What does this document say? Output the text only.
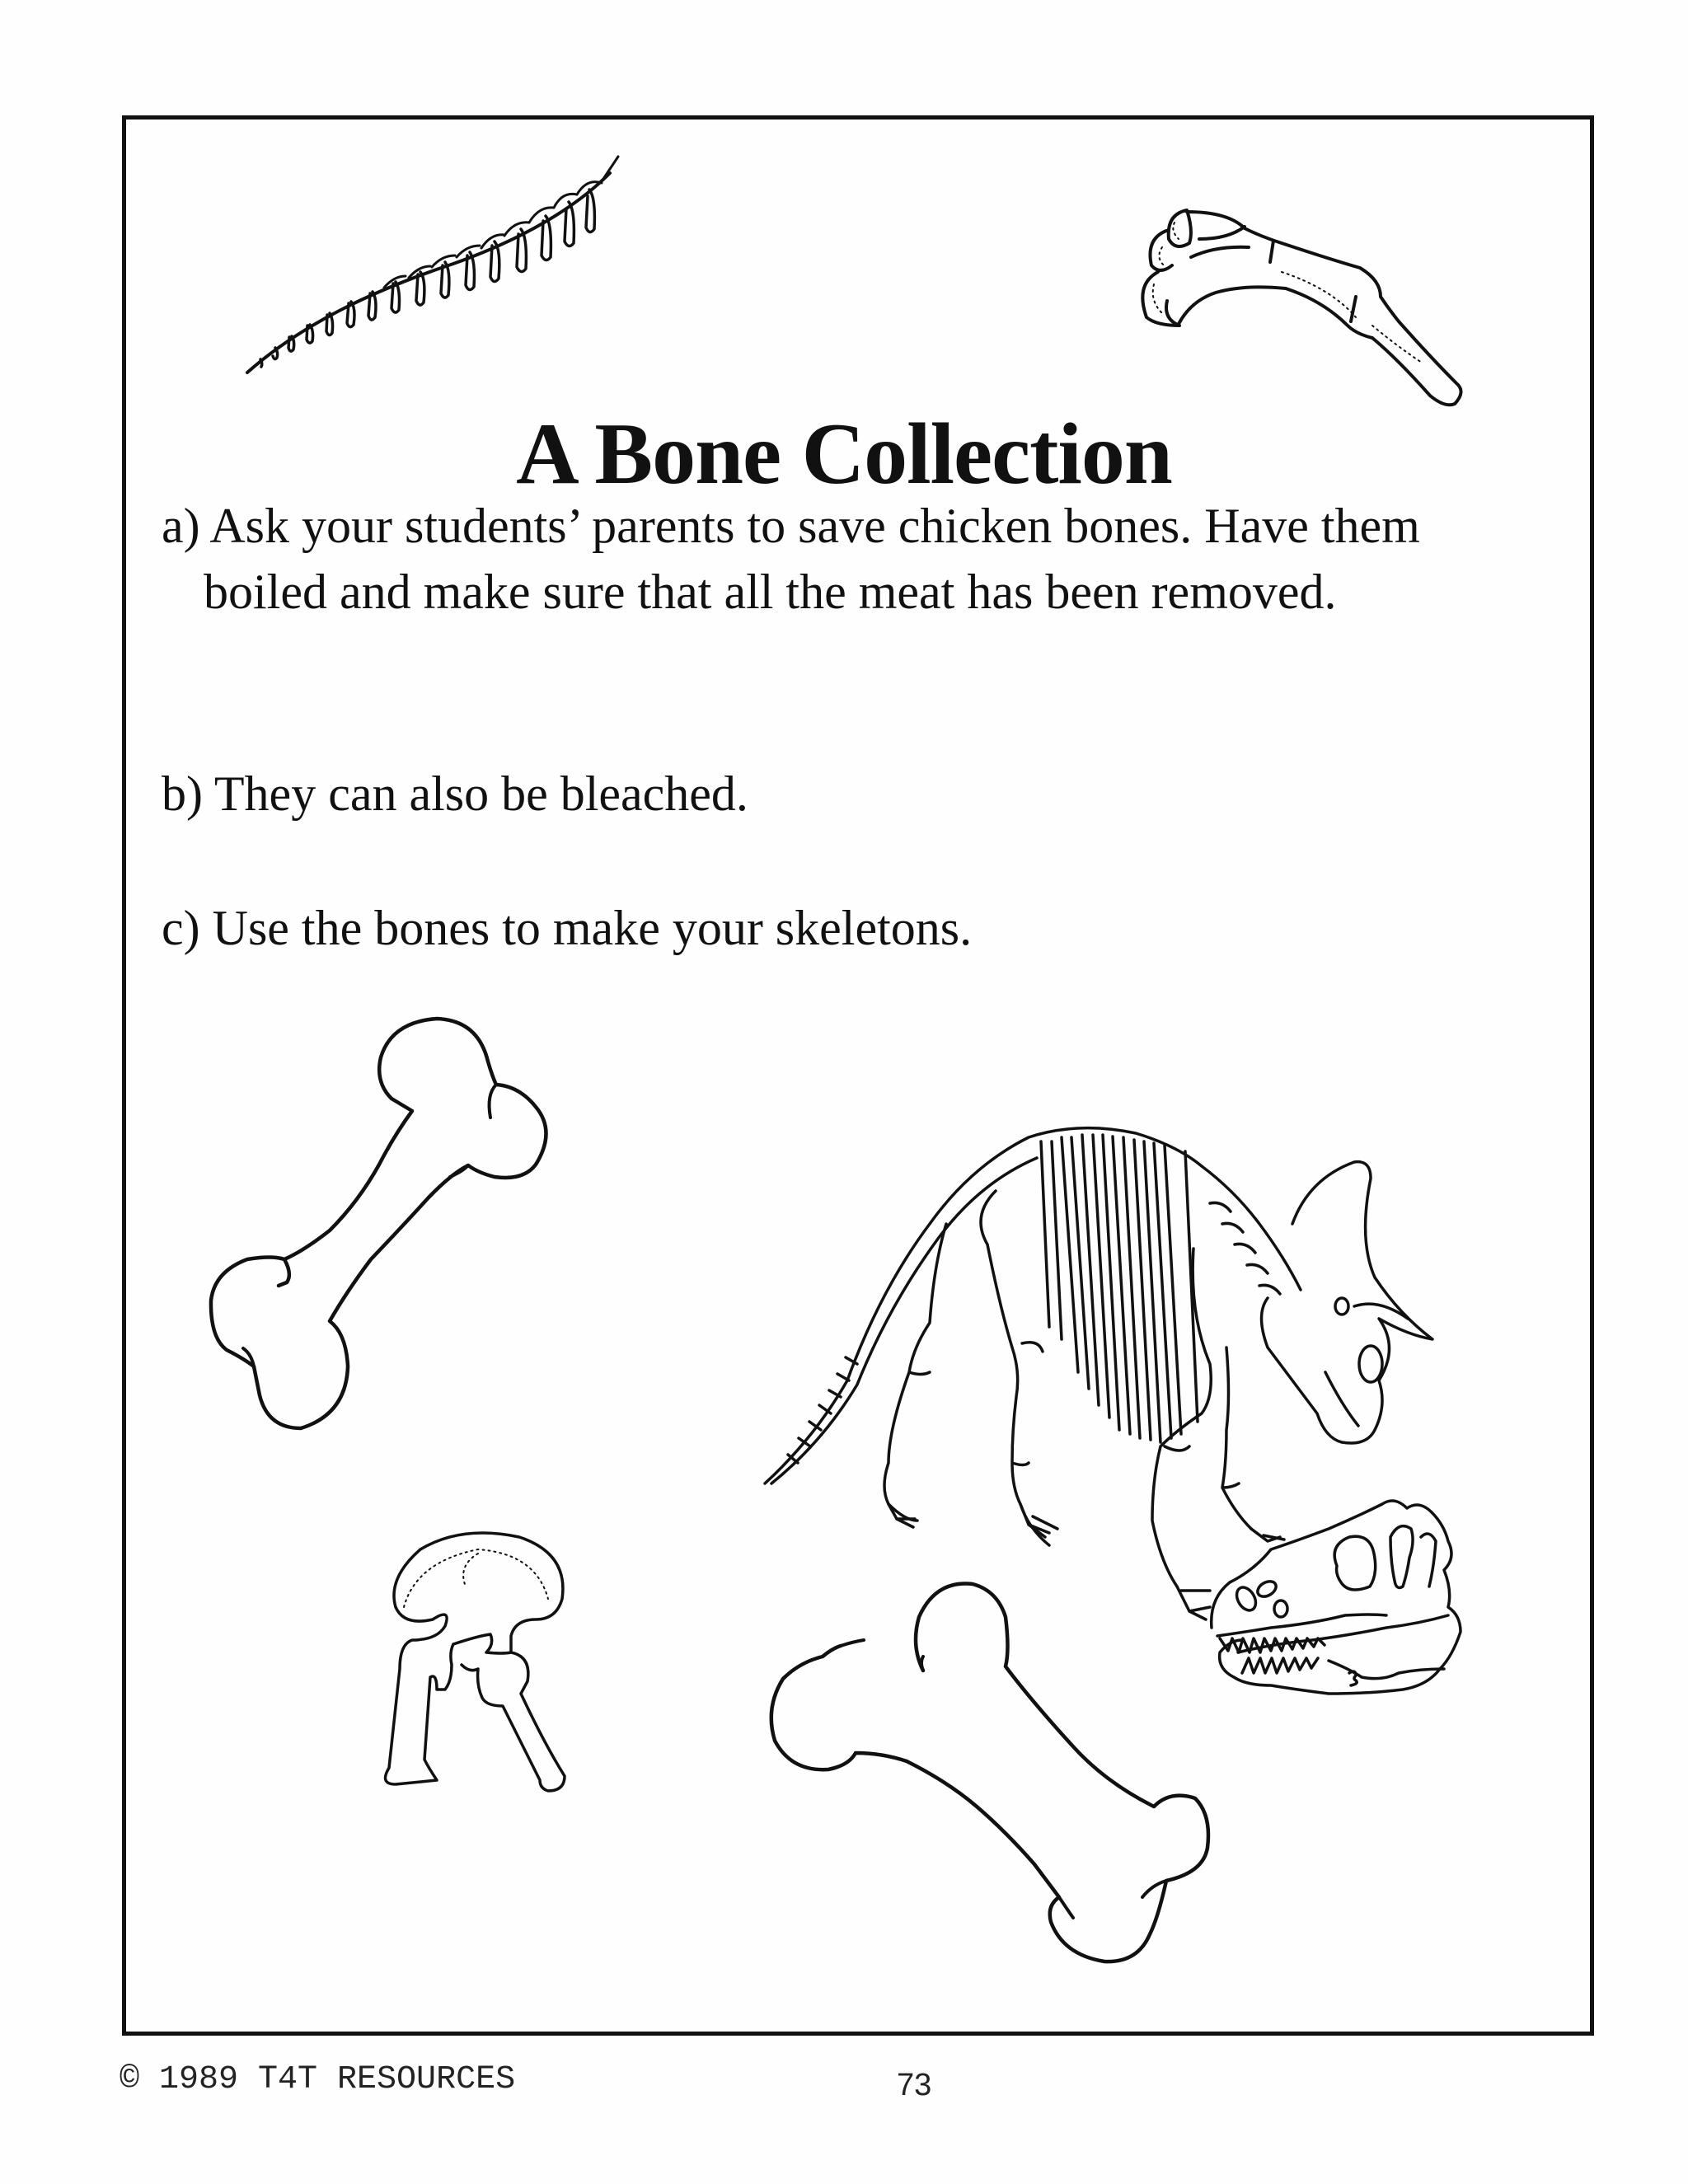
A Bone Collection

a) Ask your students’ parents to save chicken bones. Have them boiled and make sure that all the meat has been removed.

b) They can also be bleached.

c) Use the bones to make your skeletons.

© 1989 T4T RESOURCES	73
